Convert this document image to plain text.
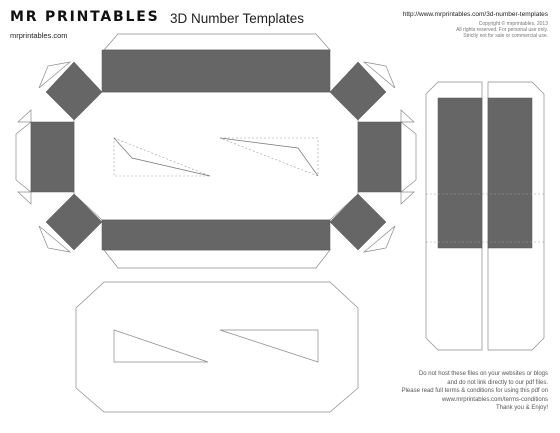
MR PRINTABLES
mrprintables.com
3D Number Templates	http://www.mrprintables.com/3d-number-templates
Copyright © mrprintables, 2013
All rights reserved. For personal use only.
Strictly not for sale or commercial use.
Do not host these files on your websites or blogs
and do not link directly to our pdf files.
Please read full terms & conditions for using this pdf on
www.mrprintables.com/terms-conditions
Thank you & Enjoy!
